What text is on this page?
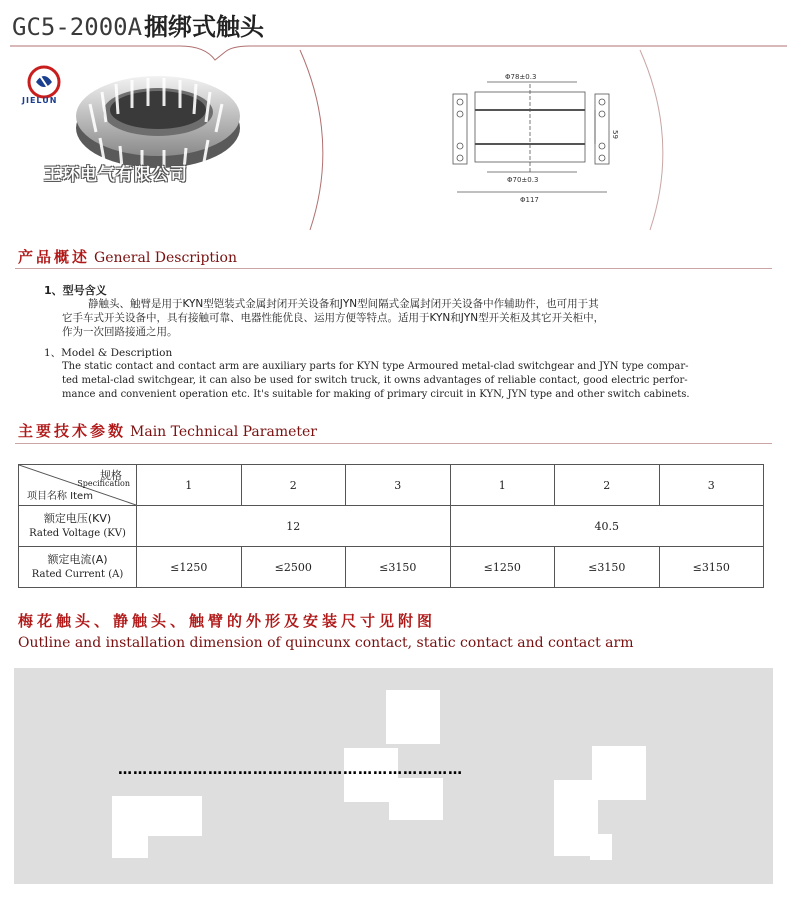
GC5-2000A捆绑式触头
JIELUN
王环电气有限公司
Φ78±0.3
Φ70±0.3
Φ117
59
产品概述 General Description
1、型号含义
静触头、触臂是用于KYN型铠装式金属封闭开关设备和JYN型间隔式金属封闭开关设备中作辅助件，也可用于其
它手车式开关设备中，具有接触可靠、电器性能优良、运用方便等特点。适用于KYN和JYN型开关柜及其它开关柜中，
作为一次回路接通之用。
1、Model & Description
The static contact and contact arm are auxiliary parts for KYN type Armoured metal-clad switchgear and JYN type compar-
ted metal-clad switchgear, it can also be used for switch truck, it owns advantages of reliable contact, good electric perfor-
mance and convenient operation etc. It's suitable for making of primary circuit in KYN, JYN type and other switch cabinets.
主要技术参数 Main Technical Parameter
规格
Specification
项目名称 Item	1	2	3	1	2	3

额定电压(KV)
Rated Voltage (KV)	12			40.5		

额定电流(A)
Rated Current (A)	≤1250	≤2500	≤3150	≤1250	≤3150	≤3150
梅花触头、静触头、触臂的外形及安装尺寸见附图
Outline and installation dimension of quincunx contact, static contact and contact arm
……………………………………………………………
